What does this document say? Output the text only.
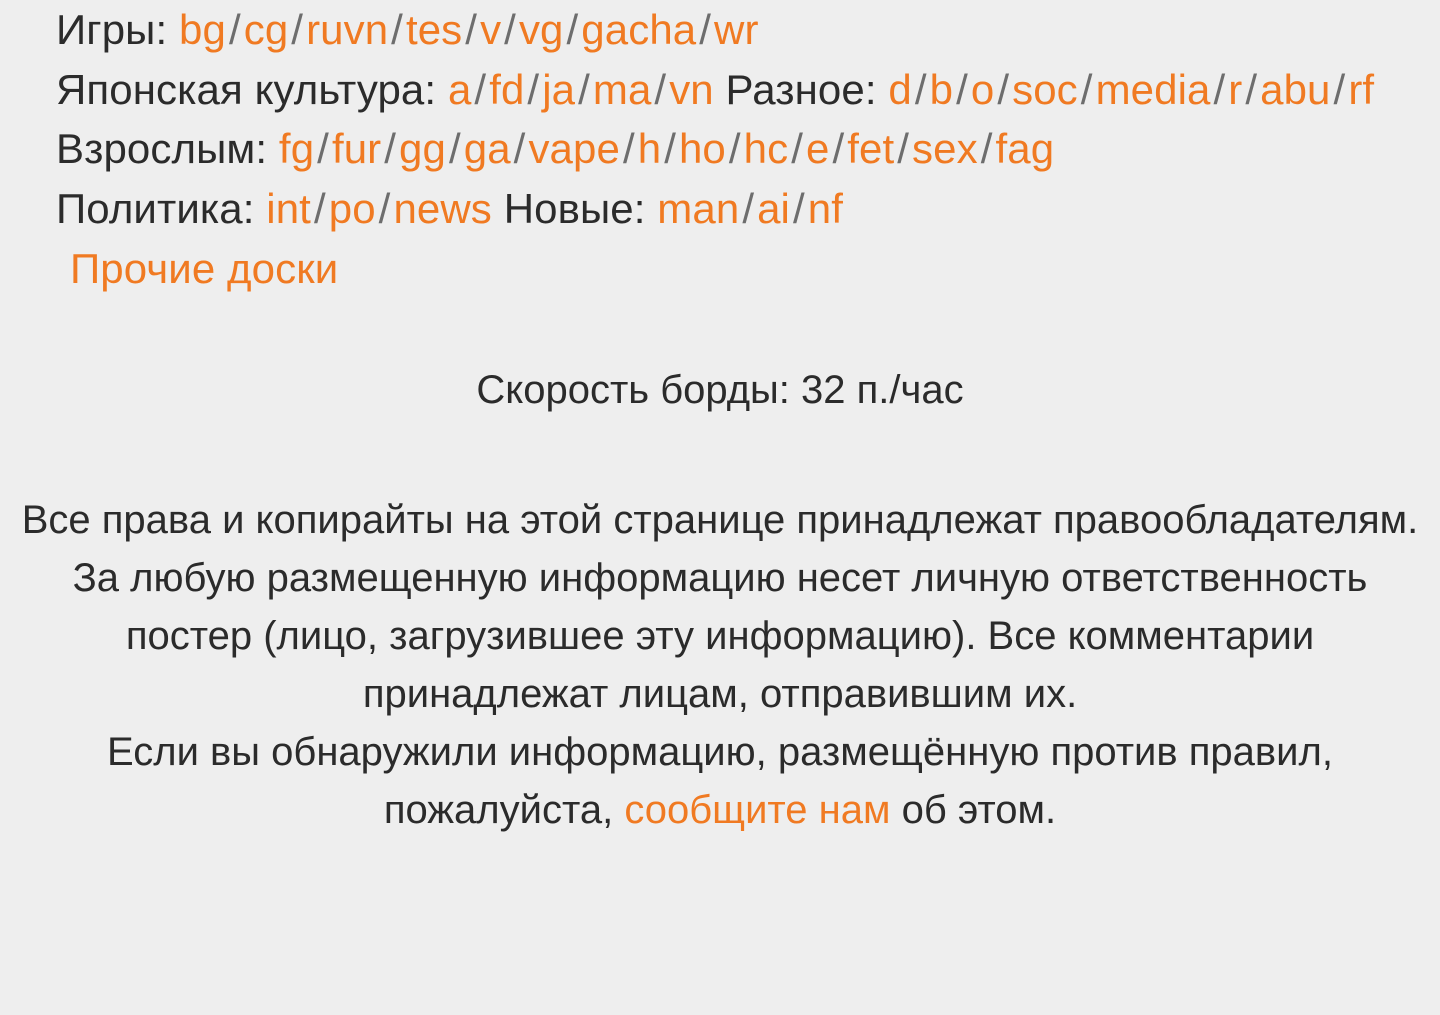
Игры: bg/cg/ruvn/tes/v/vg/gacha/wr
Японская культура: a/fd/ja/ma/vn Разное: d/b/o/soc/media/r/abu/rf Взрослым: fg/fur/gg/ga/vape/h/ho/hc/e/fet/sex/fag
Политика: int/po/news Новые: man/ai/nf
Прочие доски
Скорость борды: 32 п./час

Все права и копирайты на этой странице принадлежат правообладателям. За любую размещенную информацию несет личную ответственность постер (лицо, загрузившее эту информацию). Все комментарии принадлежат лицам, отправившим их.

Если вы обнаружили информацию, размещённую против правил, пожалуйста, сообщите нам об этом.
